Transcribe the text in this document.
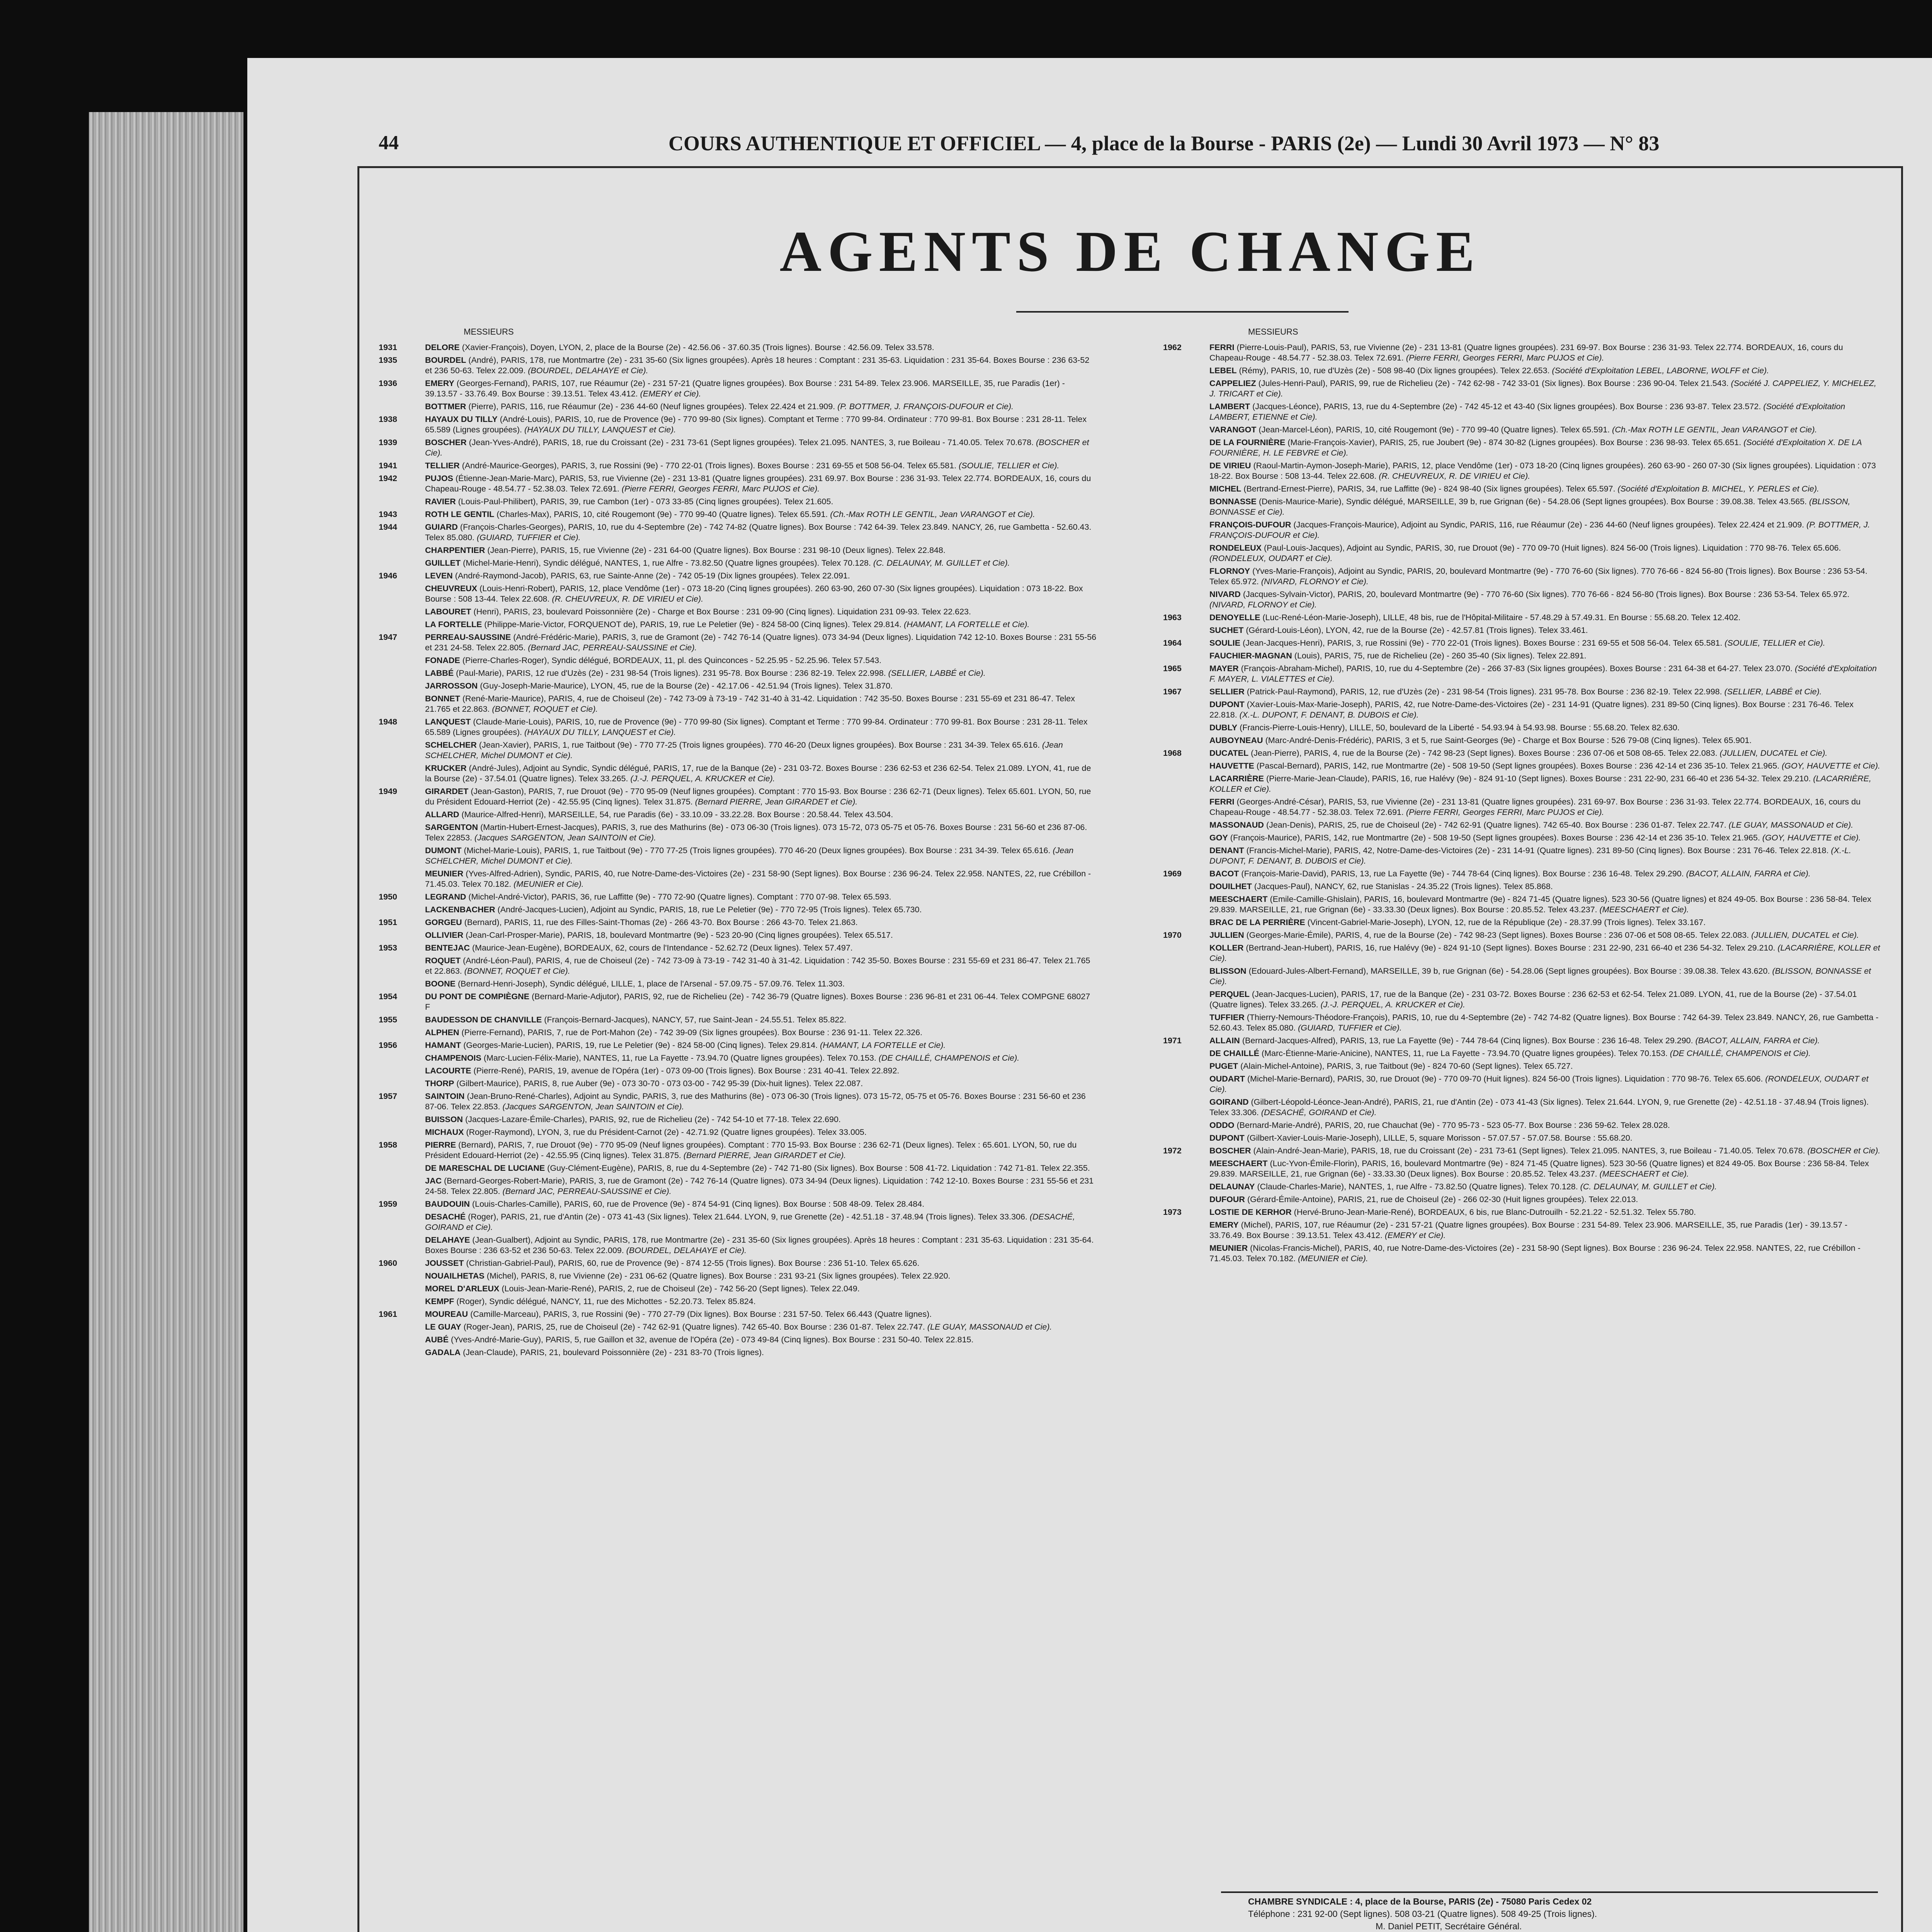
44	COURS AUTHENTIQUE ET OFFICIEL — 4, place de la Bourse - PARIS (2e) — Lundi 30 Avril 1973 — N° 83
AGENTS DE CHANGE
MESSIEURS
1931	DELORE (Xavier-François), Doyen, LYON, 2, place de la Bourse (2e) - 42.56.06 - 37.60.35 (Trois lignes). Bourse : 42.56.09. Telex 33.578.
1935	BOURDEL (André), PARIS, 178, rue Montmartre (2e) - 231 35-60 (Six lignes groupées). Après 18 heures : Comptant : 231 35-63. Liquidation : 231 35-64. Boxes Bourse : 236 63-52 et 236 50-63. Telex 22.009. (BOURDEL, DELAHAYE et Cie).
1936	EMERY (Georges-Fernand), PARIS, 107, rue Réaumur (2e) - 231 57-21 (Quatre lignes groupées). Box Bourse : 231 54-89. Telex 23.906. MARSEILLE, 35, rue Paradis (1er) - 39.13.57 - 33.76.49. Box Bourse : 39.13.51. Telex 43.412. (EMERY et Cie).
BOTTMER (Pierre), PARIS, 116, rue Réaumur (2e) - 236 44-60 (Neuf lignes groupées). Telex 22.424 et 21.909. (P. BOTTMER, J. FRANÇOIS-DUFOUR et Cie).
1938	HAYAUX DU TILLY (André-Louis), PARIS, 10, rue de Provence (9e) - 770 99-80 (Six lignes). Comptant et Terme : 770 99-84. Ordinateur : 770 99-81. Box Bourse : 231 28-11. Telex 65.589 (Lignes groupées). (HAYAUX DU TILLY, LANQUEST et Cie).
1939	BOSCHER (Jean-Yves-André), PARIS, 18, rue du Croissant (2e) - 231 73-61 (Sept lignes groupées). Telex 21.095. NANTES, 3, rue Boileau - 71.40.05. Telex 70.678. (BOSCHER et Cie).
1941	TELLIER (André-Maurice-Georges), PARIS, 3, rue Rossini (9e) - 770 22-01 (Trois lignes). Boxes Bourse : 231 69-55 et 508 56-04. Telex 65.581. (SOULIE, TELLIER et Cie).
1942	PUJOS (Étienne-Jean-Marie-Marc), PARIS, 53, rue Vivienne (2e) - 231 13-81 (Quatre lignes groupées). 231 69.97. Box Bourse : 236 31-93. Telex 22.774. BORDEAUX, 16, cours du Chapeau-Rouge - 48.54.77 - 52.38.03. Telex 72.691. (Pierre FERRI, Georges FERRI, Marc PUJOS et Cie).
RAVIER (Louis-Paul-Philibert), PARIS, 39, rue Cambon (1er) - 073 33-85 (Cinq lignes groupées). Telex 21.605.
1943	ROTH LE GENTIL (Charles-Max), PARIS, 10, cité Rougemont (9e) - 770 99-40 (Quatre lignes). Telex 65.591. (Ch.-Max ROTH LE GENTIL, Jean VARANGOT et Cie).
1944	GUIARD (François-Charles-Georges), PARIS, 10, rue du 4-Septembre (2e) - 742 74-82 (Quatre lignes). Box Bourse : 742 64-39. Telex 23.849. NANCY, 26, rue Gambetta - 52.60.43. Telex 85.080. (GUIARD, TUFFIER et Cie).
CHARPENTIER (Jean-Pierre), PARIS, 15, rue Vivienne (2e) - 231 64-00 (Quatre lignes). Box Bourse : 231 98-10 (Deux lignes). Telex 22.848.
GUILLET (Michel-Marie-Henri), Syndic délégué, NANTES, 1, rue Alfre - 73.82.50 (Quatre lignes groupées). Telex 70.128. (C. DELAUNAY, M. GUILLET et Cie).
1946	LEVEN (André-Raymond-Jacob), PARIS, 63, rue Sainte-Anne (2e) - 742 05-19 (Dix lignes groupées). Telex 22.091.
CHEUVREUX (Louis-Henri-Robert), PARIS, 12, place Vendôme (1er) - 073 18-20 (Cinq lignes groupées). 260 63-90, 260 07-30 (Six lignes groupées). Liquidation : 073 18-22. Box Bourse : 508 13-44. Telex 22.608. (R. CHEUVREUX, R. DE VIRIEU et Cie).
LABOURET (Henri), PARIS, 23, boulevard Poissonnière (2e) - Charge et Box Bourse : 231 09-90 (Cinq lignes). Liquidation 231 09-93. Telex 22.623.
LA FORTELLE (Philippe-Marie-Victor, FORQUENOT de), PARIS, 19, rue Le Peletier (9e) - 824 58-00 (Cinq lignes). Telex 29.814. (HAMANT, LA FORTELLE et Cie).
1947	PERREAU-SAUSSINE (André-Frédéric-Marie), PARIS, 3, rue de Gramont (2e) - 742 76-14 (Quatre lignes). 073 34-94 (Deux lignes). Liquidation 742 12-10. Boxes Bourse : 231 55-56 et 231 24-58. Telex 22.805. (Bernard JAC, PERREAU-SAUSSINE et Cie).
FONADE (Pierre-Charles-Roger), Syndic délégué, BORDEAUX, 11, pl. des Quinconces - 52.25.95 - 52.25.96. Telex 57.543.
LABBÉ (Paul-Marie), PARIS, 12 rue d'Uzès (2e) - 231 98-54 (Trois lignes). 231 95-78. Box Bourse : 236 82-19. Telex 22.998. (SELLIER, LABBÉ et Cie).
JARROSSON (Guy-Joseph-Marie-Maurice), LYON, 45, rue de la Bourse (2e) - 42.17.06 - 42.51.94 (Trois lignes). Telex 31.870.
BONNET (René-Marie-Maurice), PARIS, 4, rue de Choiseul (2e) - 742 73-09 à 73-19 - 742 31-40 à 31-42. Liquidation : 742 35-50. Boxes Bourse : 231 55-69 et 231 86-47. Telex 21.765 et 22.863. (BONNET, ROQUET et Cie).
1948	LANQUEST (Claude-Marie-Louis), PARIS, 10, rue de Provence (9e) - 770 99-80 (Six lignes). Comptant et Terme : 770 99-84. Ordinateur : 770 99-81. Box Bourse : 231 28-11. Telex 65.589 (Lignes groupées). (HAYAUX DU TILLY, LANQUEST et Cie).
SCHELCHER (Jean-Xavier), PARIS, 1, rue Taitbout (9e) - 770 77-25 (Trois lignes groupées). 770 46-20 (Deux lignes groupées). Box Bourse : 231 34-39. Telex 65.616. (Jean SCHELCHER, Michel DUMONT et Cie).
KRUCKER (André-Jules), Adjoint au Syndic, Syndic délégué, PARIS, 17, rue de la Banque (2e) - 231 03-72. Boxes Bourse : 236 62-53 et 236 62-54. Telex 21.089. LYON, 41, rue de la Bourse (2e) - 37.54.01 (Quatre lignes). Telex 33.265. (J.-J. PERQUEL, A. KRUCKER et Cie).
1949	GIRARDET (Jean-Gaston), PARIS, 7, rue Drouot (9e) - 770 95-09 (Neuf lignes groupées). Comptant : 770 15-93. Box Bourse : 236 62-71 (Deux lignes). Telex 65.601. LYON, 50, rue du Président Edouard-Herriot (2e) - 42.55.95 (Cinq lignes). Telex 31.875. (Bernard PIERRE, Jean GIRARDET et Cie).
ALLARD (Maurice-Alfred-Henri), MARSEILLE, 54, rue Paradis (6e) - 33.10.09 - 33.22.28. Box Bourse : 20.58.44. Telex 43.504.
SARGENTON (Martin-Hubert-Ernest-Jacques), PARIS, 3, rue des Mathurins (8e) - 073 06-30 (Trois lignes). 073 15-72, 073 05-75 et 05-76. Boxes Bourse : 231 56-60 et 236 87-06. Telex 22853. (Jacques SARGENTON, Jean SAINTOIN et Cie).
DUMONT (Michel-Marie-Louis), PARIS, 1, rue Taitbout (9e) - 770 77-25 (Trois lignes groupées). 770 46-20 (Deux lignes groupées). Box Bourse : 231 34-39. Telex 65.616. (Jean SCHELCHER, Michel DUMONT et Cie).
MEUNIER (Yves-Alfred-Adrien), Syndic, PARIS, 40, rue Notre-Dame-des-Victoires (2e) - 231 58-90 (Sept lignes). Box Bourse : 236 96-24. Telex 22.958. NANTES, 22, rue Crébillon - 71.45.03. Telex 70.182. (MEUNIER et Cie).
1950	LEGRAND (Michel-André-Victor), PARIS, 36, rue Laffitte (9e) - 770 72-90 (Quatre lignes). Comptant : 770 07-98. Telex 65.593.
LACKENBACHER (André-Jacques-Lucien), Adjoint au Syndic, PARIS, 18, rue Le Peletier (9e) - 770 72-95 (Trois lignes). Telex 65.730.
1951	GORGEU (Bernard), PARIS, 11, rue des Filles-Saint-Thomas (2e) - 266 43-70. Box Bourse : 266 43-70. Telex 21.863.
OLLIVIER (Jean-Carl-Prosper-Marie), PARIS, 18, boulevard Montmartre (9e) - 523 20-90 (Cinq lignes groupées). Telex 65.517.
1953	BENTEJAC (Maurice-Jean-Eugène), BORDEAUX, 62, cours de l'Intendance - 52.62.72 (Deux lignes). Telex 57.497.
ROQUET (André-Léon-Paul), PARIS, 4, rue de Choiseul (2e) - 742 73-09 à 73-19 - 742 31-40 à 31-42. Liquidation : 742 35-50. Boxes Bourse : 231 55-69 et 231 86-47. Telex 21.765 et 22.863. (BONNET, ROQUET et Cie).
BOONE (Bernard-Henri-Joseph), Syndic délégué, LILLE, 1, place de l'Arsenal - 57.09.75 - 57.09.76. Telex 11.303.
1954	DU PONT DE COMPIÈGNE (Bernard-Marie-Adjutor), PARIS, 92, rue de Richelieu (2e) - 742 36-79 (Quatre lignes). Boxes Bourse : 236 96-81 et 231 06-44. Telex COMPGNE 68027 F
1955	BAUDESSON DE CHANVILLE (François-Bernard-Jacques), NANCY, 57, rue Saint-Jean - 24.55.51. Telex 85.822.
ALPHEN (Pierre-Fernand), PARIS, 7, rue de Port-Mahon (2e) - 742 39-09 (Six lignes groupées). Box Bourse : 236 91-11. Telex 22.326.
1956	HAMANT (Georges-Marie-Lucien), PARIS, 19, rue Le Peletier (9e) - 824 58-00 (Cinq lignes). Telex 29.814. (HAMANT, LA FORTELLE et Cie).
CHAMPENOIS (Marc-Lucien-Félix-Marie), NANTES, 11, rue La Fayette - 73.94.70 (Quatre lignes groupées). Telex 70.153. (DE CHAILLÉ, CHAMPENOIS et Cie).
LACOURTE (Pierre-René), PARIS, 19, avenue de l'Opéra (1er) - 073 09-00 (Trois lignes). Box Bourse : 231 40-41. Telex 22.892.
THORP (Gilbert-Maurice), PARIS, 8, rue Auber (9e) - 073 30-70 - 073 03-00 - 742 95-39 (Dix-huit lignes). Telex 22.087.
1957	SAINTOIN (Jean-Bruno-René-Charles), Adjoint au Syndic, PARIS, 3, rue des Mathurins (8e) - 073 06-30 (Trois lignes). 073 15-72, 05-75 et 05-76. Boxes Bourse : 231 56-60 et 236 87-06. Telex 22.853. (Jacques SARGENTON, Jean SAINTOIN et Cie).
BUISSON (Jacques-Lazare-Émile-Charles), PARIS, 92, rue de Richelieu (2e) - 742 54-10 et 77-18. Telex 22.690.
MICHAUX (Roger-Raymond), LYON, 3, rue du Président-Carnot (2e) - 42.71.92 (Quatre lignes groupées). Telex 33.005.
1958	PIERRE (Bernard), PARIS, 7, rue Drouot (9e) - 770 95-09 (Neuf lignes groupées). Comptant : 770 15-93. Box Bourse : 236 62-71 (Deux lignes). Telex : 65.601. LYON, 50, rue du Président Edouard-Herriot (2e) - 42.55.95 (Cinq lignes). Telex 31.875. (Bernard PIERRE, Jean GIRARDET et Cie).
DE MARESCHAL DE LUCIANE (Guy-Clément-Eugène), PARIS, 8, rue du 4-Septembre (2e) - 742 71-80 (Six lignes). Box Bourse : 508 41-72. Liquidation : 742 71-81. Telex 22.355.
JAC (Bernard-Georges-Robert-Marie), PARIS, 3, rue de Gramont (2e) - 742 76-14 (Quatre lignes). 073 34-94 (Deux lignes). Liquidation : 742 12-10. Boxes Bourse : 231 55-56 et 231 24-58. Telex 22.805. (Bernard JAC, PERREAU-SAUSSINE et Cie).
1959	BAUDOUIN (Louis-Charles-Camille), PARIS, 60, rue de Provence (9e) - 874 54-91 (Cinq lignes). Box Bourse : 508 48-09. Telex 28.484.
DESACHÉ (Roger), PARIS, 21, rue d'Antin (2e) - 073 41-43 (Six lignes). Telex 21.644. LYON, 9, rue Grenette (2e) - 42.51.18 - 37.48.94 (Trois lignes). Telex 33.306. (DESACHÉ, GOIRAND et Cie).
DELAHAYE (Jean-Gualbert), Adjoint au Syndic, PARIS, 178, rue Montmartre (2e) - 231 35-60 (Six lignes groupées). Après 18 heures : Comptant : 231 35-63. Liquidation : 231 35-64. Boxes Bourse : 236 63-52 et 236 50-63. Telex 22.009. (BOURDEL, DELAHAYE et Cie).
1960	JOUSSET (Christian-Gabriel-Paul), PARIS, 60, rue de Provence (9e) - 874 12-55 (Trois lignes). Box Bourse : 236 51-10. Telex 65.626.
NOUAILHETAS (Michel), PARIS, 8, rue Vivienne (2e) - 231 06-62 (Quatre lignes). Box Bourse : 231 93-21 (Six lignes groupées). Telex 22.920.
MOREL D'ARLEUX (Louis-Jean-Marie-René), PARIS, 2, rue de Choiseul (2e) - 742 56-20 (Sept lignes). Telex 22.049.
KEMPF (Roger), Syndic délégué, NANCY, 11, rue des Michottes - 52.20.73. Telex 85.824.
1961	MOUREAU (Camille-Marceau), PARIS, 3, rue Rossini (9e) - 770 27-79 (Dix lignes). Box Bourse : 231 57-50. Telex 66.443 (Quatre lignes).
LE GUAY (Roger-Jean), PARIS, 25, rue de Choiseul (2e) - 742 62-91 (Quatre lignes). 742 65-40. Box Bourse : 236 01-87. Telex 22.747. (LE GUAY, MASSONAUD et Cie).
AUBÉ (Yves-André-Marie-Guy), PARIS, 5, rue Gaillon et 32, avenue de l'Opéra (2e) - 073 49-84 (Cinq lignes). Box Bourse : 231 50-40. Telex 22.815.
GADALA (Jean-Claude), PARIS, 21, boulevard Poissonnière (2e) - 231 83-70 (Trois lignes).
MESSIEURS
1962	FERRI (Pierre-Louis-Paul), PARIS, 53, rue Vivienne (2e) - 231 13-81 (Quatre lignes groupées). 231 69-97. Box Bourse : 236 31-93. Telex 22.774. BORDEAUX, 16, cours du Chapeau-Rouge - 48.54.77 - 52.38.03. Telex 72.691. (Pierre FERRI, Georges FERRI, Marc PUJOS et Cie).
LEBEL (Rémy), PARIS, 10, rue d'Uzès (2e) - 508 98-40 (Dix lignes groupées). Telex 22.653. (Société d'Exploitation LEBEL, LABORNE, WOLFF et Cie).
CAPPELIEZ (Jules-Henri-Paul), PARIS, 99, rue de Richelieu (2e) - 742 62-98 - 742 33-01 (Six lignes). Box Bourse : 236 90-04. Telex 21.543. (Société J. CAPPELIEZ, Y. MICHELEZ, J. TRICART et Cie).
LAMBERT (Jacques-Léonce), PARIS, 13, rue du 4-Septembre (2e) - 742 45-12 et 43-40 (Six lignes groupées). Box Bourse : 236 93-87. Telex 23.572. (Société d'Exploitation LAMBERT, ETIENNE et Cie).
VARANGOT (Jean-Marcel-Léon), PARIS, 10, cité Rougemont (9e) - 770 99-40 (Quatre lignes). Telex 65.591. (Ch.-Max ROTH LE GENTIL, Jean VARANGOT et Cie).
DE LA FOURNIÈRE (Marie-François-Xavier), PARIS, 25, rue Joubert (9e) - 874 30-82 (Lignes groupées). Box Bourse : 236 98-93. Telex 65.651. (Société d'Exploitation X. DE LA FOURNIÈRE, H. LE FEBVRE et Cie).
DE VIRIEU (Raoul-Martin-Aymon-Joseph-Marie), PARIS, 12, place Vendôme (1er) - 073 18-20 (Cinq lignes groupées). 260 63-90 - 260 07-30 (Six lignes groupées). Liquidation : 073 18-22. Box Bourse : 508 13-44. Telex 22.608. (R. CHEUVREUX, R. DE VIRIEU et Cie).
MICHEL (Bertrand-Ernest-Pierre), PARIS, 34, rue Laffitte (9e) - 824 98-40 (Six lignes groupées). Telex 65.597. (Société d'Exploitation B. MICHEL, Y. PERLES et Cie).
BONNASSE (Denis-Maurice-Marie), Syndic délégué, MARSEILLE, 39 b, rue Grignan (6e) - 54.28.06 (Sept lignes groupées). Box Bourse : 39.08.38. Telex 43.565. (BLISSON, BONNASSE et Cie).
FRANÇOIS-DUFOUR (Jacques-François-Maurice), Adjoint au Syndic, PARIS, 116, rue Réaumur (2e) - 236 44-60 (Neuf lignes groupées). Telex 22.424 et 21.909. (P. BOTTMER, J. FRANÇOIS-DUFOUR et Cie).
RONDELEUX (Paul-Louis-Jacques), Adjoint au Syndic, PARIS, 30, rue Drouot (9e) - 770 09-70 (Huit lignes). 824 56-00 (Trois lignes). Liquidation : 770 98-76. Telex 65.606. (RONDELEUX, OUDART et Cie).
FLORNOY (Yves-Marie-François), Adjoint au Syndic, PARIS, 20, boulevard Montmartre (9e) - 770 76-60 (Six lignes). 770 76-66 - 824 56-80 (Trois lignes). Box Bourse : 236 53-54. Telex 65.972. (NIVARD, FLORNOY et Cie).
NIVARD (Jacques-Sylvain-Victor), PARIS, 20, boulevard Montmartre (9e) - 770 76-60 (Six lignes). 770 76-66 - 824 56-80 (Trois lignes). Box Bourse : 236 53-54. Telex 65.972. (NIVARD, FLORNOY et Cie).
1963	DENOYELLE (Luc-René-Léon-Marie-Joseph), LILLE, 48 bis, rue de l'Hôpital-Militaire - 57.48.29 à 57.49.31. En Bourse : 55.68.20. Telex 12.402.
SUCHET (Gérard-Louis-Léon), LYON, 42, rue de la Bourse (2e) - 42.57.81 (Trois lignes). Telex 33.461.
1964	SOULIE (Jean-Jacques-Henri), PARIS, 3, rue Rossini (9e) - 770 22-01 (Trois lignes). Boxes Bourse : 231 69-55 et 508 56-04. Telex 65.581. (SOULIE, TELLIER et Cie).
FAUCHIER-MAGNAN (Louis), PARIS, 75, rue de Richelieu (2e) - 260 35-40 (Six lignes). Telex 22.891.
1965	MAYER (François-Abraham-Michel), PARIS, 10, rue du 4-Septembre (2e) - 266 37-83 (Six lignes groupées). Boxes Bourse : 231 64-38 et 64-27. Telex 23.070. (Société d'Exploitation F. MAYER, L. VIALETTES et Cie).
1967	SELLIER (Patrick-Paul-Raymond), PARIS, 12, rue d'Uzès (2e) - 231 98-54 (Trois lignes). 231 95-78. Box Bourse : 236 82-19. Telex 22.998. (SELLIER, LABBÉ et Cie).
DUPONT (Xavier-Louis-Max-Marie-Joseph), PARIS, 42, rue Notre-Dame-des-Victoires (2e) - 231 14-91 (Quatre lignes). 231 89-50 (Cinq lignes). Box Bourse : 231 76-46. Telex 22.818. (X.-L. DUPONT, F. DENANT, B. DUBOIS et Cie).
DUBLY (Francis-Pierre-Louis-Henry), LILLE, 50, boulevard de la Liberté - 54.93.94 à 54.93.98. Bourse : 55.68.20. Telex 82.630.
AUBOYNEAU (Marc-André-Denis-Frédéric), PARIS, 3 et 5, rue Saint-Georges (9e) - Charge et Box Bourse : 526 79-08 (Cinq lignes). Telex 65.901.
1968	DUCATEL (Jean-Pierre), PARIS, 4, rue de la Bourse (2e) - 742 98-23 (Sept lignes). Boxes Bourse : 236 07-06 et 508 08-65. Telex 22.083. (JULLIEN, DUCATEL et Cie).
HAUVETTE (Pascal-Bernard), PARIS, 142, rue Montmartre (2e) - 508 19-50 (Sept lignes groupées). Boxes Bourse : 236 42-14 et 236 35-10. Telex 21.965. (GOY, HAUVETTE et Cie).
LACARRIÈRE (Pierre-Marie-Jean-Claude), PARIS, 16, rue Halévy (9e) - 824 91-10 (Sept lignes). Boxes Bourse : 231 22-90, 231 66-40 et 236 54-32. Telex 29.210. (LACARRIÈRE, KOLLER et Cie).
FERRI (Georges-André-César), PARIS, 53, rue Vivienne (2e) - 231 13-81 (Quatre lignes groupées). 231 69-97. Box Bourse : 236 31-93. Telex 22.774. BORDEAUX, 16, cours du Chapeau-Rouge - 48.54.77 - 52.38.03. Telex 72.691. (Pierre FERRI, Georges FERRI, Marc PUJOS et Cie).
MASSONAUD (Jean-Denis), PARIS, 25, rue de Choiseul (2e) - 742 62-91 (Quatre lignes). 742 65-40. Box Bourse : 236 01-87. Telex 22.747. (LE GUAY, MASSONAUD et Cie).
GOY (François-Maurice), PARIS, 142, rue Montmartre (2e) - 508 19-50 (Sept lignes groupées). Boxes Bourse : 236 42-14 et 236 35-10. Telex 21.965. (GOY, HAUVETTE et Cie).
DENANT (Francis-Michel-Marie), PARIS, 42, Notre-Dame-des-Victoires (2e) - 231 14-91 (Quatre lignes). 231 89-50 (Cinq lignes). Box Bourse : 231 76-46. Telex 22.818. (X.-L. DUPONT, F. DENANT, B. DUBOIS et Cie).
1969	BACOT (François-Marie-David), PARIS, 13, rue La Fayette (9e) - 744 78-64 (Cinq lignes). Box Bourse : 236 16-48. Telex 29.290. (BACOT, ALLAIN, FARRA et Cie).
DOUILHET (Jacques-Paul), NANCY, 62, rue Stanislas - 24.35.22 (Trois lignes). Telex 85.868.
MEESCHAERT (Emile-Camille-Ghislain), PARIS, 16, boulevard Montmartre (9e) - 824 71-45 (Quatre lignes). 523 30-56 (Quatre lignes) et 824 49-05. Box Bourse : 236 58-84. Telex 29.839. MARSEILLE, 21, rue Grignan (6e) - 33.33.30 (Deux lignes). Box Bourse : 20.85.52. Telex 43.237. (MEESCHAERT et Cie).
BRAC DE LA PERRIÈRE (Vincent-Gabriel-Marie-Joseph), LYON, 12, rue de la République (2e) - 28.37.99 (Trois lignes). Telex 33.167.
1970	JULLIEN (Georges-Marie-Émile), PARIS, 4, rue de la Bourse (2e) - 742 98-23 (Sept lignes). Boxes Bourse : 236 07-06 et 508 08-65. Telex 22.083. (JULLIEN, DUCATEL et Cie).
KOLLER (Bertrand-Jean-Hubert), PARIS, 16, rue Halévy (9e) - 824 91-10 (Sept lignes). Boxes Bourse : 231 22-90, 231 66-40 et 236 54-32. Telex 29.210. (LACARRIÈRE, KOLLER et Cie).
BLISSON (Edouard-Jules-Albert-Fernand), MARSEILLE, 39 b, rue Grignan (6e) - 54.28.06 (Sept lignes groupées). Box Bourse : 39.08.38. Telex 43.620. (BLISSON, BONNASSE et Cie).
PERQUEL (Jean-Jacques-Lucien), PARIS, 17, rue de la Banque (2e) - 231 03-72. Boxes Bourse : 236 62-53 et 62-54. Telex 21.089. LYON, 41, rue de la Bourse (2e) - 37.54.01 (Quatre lignes). Telex 33.265. (J.-J. PERQUEL, A. KRUCKER et Cie).
TUFFIER (Thierry-Nemours-Théodore-François), PARIS, 10, rue du 4-Septembre (2e) - 742 74-82 (Quatre lignes). Box Bourse : 742 64-39. Telex 23.849. NANCY, 26, rue Gambetta - 52.60.43. Telex 85.080. (GUIARD, TUFFIER et Cie).
1971	ALLAIN (Bernard-Jacques-Alfred), PARIS, 13, rue La Fayette (9e) - 744 78-64 (Cinq lignes). Box Bourse : 236 16-48. Telex 29.290. (BACOT, ALLAIN, FARRA et Cie).
DE CHAILLÉ (Marc-Étienne-Marie-Anicine), NANTES, 11, rue La Fayette - 73.94.70 (Quatre lignes groupées). Telex 70.153. (DE CHAILLÉ, CHAMPENOIS et Cie).
PUGET (Alain-Michel-Antoine), PARIS, 3, rue Taitbout (9e) - 824 70-60 (Sept lignes). Telex 65.727.
OUDART (Michel-Marie-Bernard), PARIS, 30, rue Drouot (9e) - 770 09-70 (Huit lignes). 824 56-00 (Trois lignes). Liquidation : 770 98-76. Telex 65.606. (RONDELEUX, OUDART et Cie).
GOIRAND (Gilbert-Léopold-Léonce-Jean-André), PARIS, 21, rue d'Antin (2e) - 073 41-43 (Six lignes). Telex 21.644. LYON, 9, rue Grenette (2e) - 42.51.18 - 37.48.94 (Trois lignes). Telex 33.306. (DESACHÉ, GOIRAND et Cie).
ODDO (Bernard-Marie-André), PARIS, 20, rue Chauchat (9e) - 770 95-73 - 523 05-77. Box Bourse : 236 59-62. Telex 28.028.
DUPONT (Gilbert-Xavier-Louis-Marie-Joseph), LILLE, 5, square Morisson - 57.07.57 - 57.07.58. Bourse : 55.68.20.
1972	BOSCHER (Alain-André-Jean-Marie), PARIS, 18, rue du Croissant (2e) - 231 73-61 (Sept lignes). Telex 21.095. NANTES, 3, rue Boileau - 71.40.05. Telex 70.678. (BOSCHER et Cie).
MEESCHAERT (Luc-Yvon-Émile-Florin), PARIS, 16, boulevard Montmartre (9e) - 824 71-45 (Quatre lignes). 523 30-56 (Quatre lignes) et 824 49-05. Box Bourse : 236 58-84. Telex 29.839. MARSEILLE, 21, rue Grignan (6e) - 33.33.30 (Deux lignes). Box Bourse : 20.85.52. Telex 43.237. (MEESCHAERT et Cie).
DELAUNAY (Claude-Charles-Marie), NANTES, 1, rue Alfre - 73.82.50 (Quatre lignes). Telex 70.128. (C. DELAUNAY, M. GUILLET et Cie).
DUFOUR (Gérard-Émile-Antoine), PARIS, 21, rue de Choiseul (2e) - 266 02-30 (Huit lignes groupées). Telex 22.013.
1973	LOSTIE DE KERHOR (Hervé-Bruno-Jean-Marie-René), BORDEAUX, 6 bis, rue Blanc-Dutrouilh - 52.21.22 - 52.51.32. Telex 55.780.
EMERY (Michel), PARIS, 107, rue Réaumur (2e) - 231 57-21 (Quatre lignes groupées). Box Bourse : 231 54-89. Telex 23.906. MARSEILLE, 35, rue Paradis (1er) - 39.13.57 - 33.76.49. Box Bourse : 39.13.51. Telex 43.412. (EMERY et Cie).
MEUNIER (Nicolas-Francis-Michel), PARIS, 40, rue Notre-Dame-des-Victoires (2e) - 231 58-90 (Sept lignes). Box Bourse : 236 96-24. Telex 22.958. NANTES, 22, rue Crébillon - 71.45.03. Telex 70.182. (MEUNIER et Cie).
CHAMBRE SYNDICALE : 4, place de la Bourse, PARIS (2e) - 75080 Paris Cedex 02
Téléphone : 231 92-00 (Sept lignes). 508 03-21 (Quatre lignes). 508 49-25 (Trois lignes).
M. Daniel PETIT, Secrétaire Général.
